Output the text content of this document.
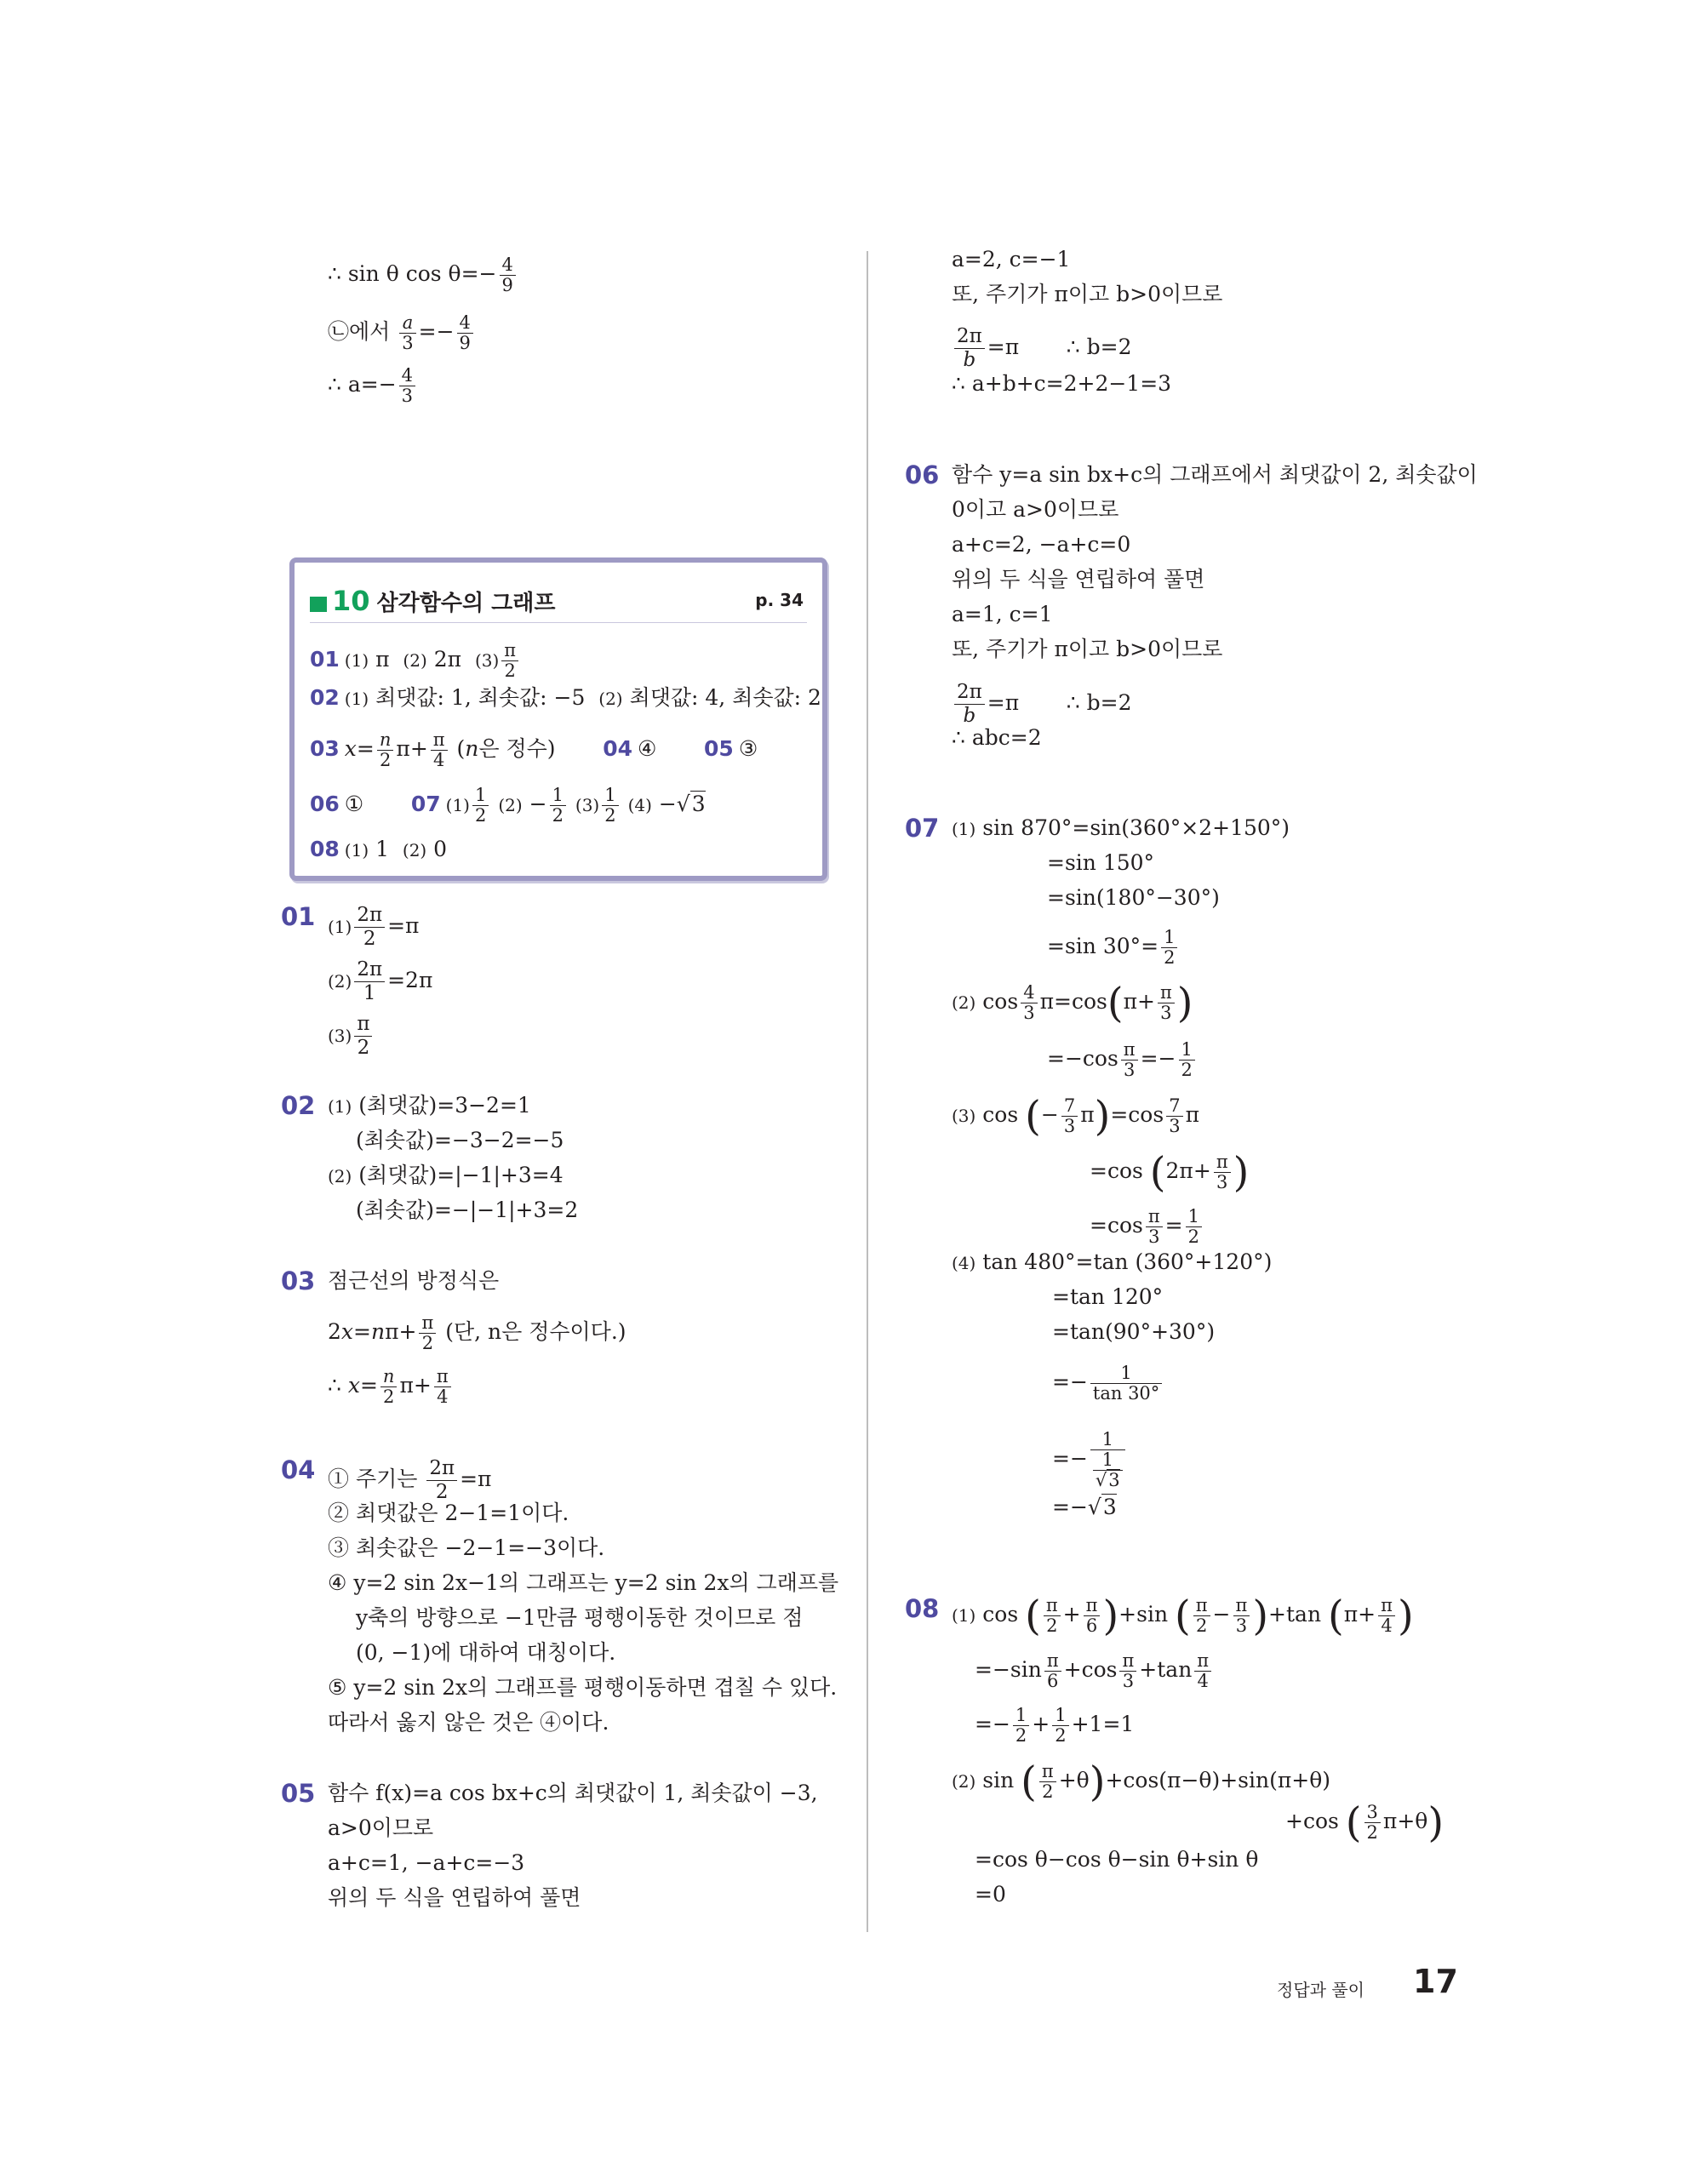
∴ sin θ $\cos \theta=- \frac{4}{9}$
㉡에서 $\frac{a}{3} =- \frac{4}{9}$
∴ $a=- \frac{4}{3}$
10 삼각함수의 그래프	p. 34
01 (1) π  (2) 2π  $(3) \frac{\pi}{2}$
02 (1) 최댓값: 1, 최솟값: −5  (2) 최댓값: 4, 최솟값: 2
03 $x= \frac{n}{2} \pi+ \frac{\pi}{4} (n$은 정수)       04 ④       05 ③
06 ①       07 $(1) \frac{1}{2} (2) - \frac{1}{2} (3) \frac{1}{2} (4) -√3$
08 (1) 1  (2) 0
01 $(1) \frac{2\pi}{2} =\pi$
$(2) \frac{2\pi}{1} =2\pi$
$(3) \frac{\pi}{2}$
02 (1) (최댓값)=3−2=1
(최솟값)=−3−2=−5
(2) (최댓값)=|−1|+3=4
(최솟값)=−|−1|+3=2
03 점근선의 방정식은
$2x=n\pi+ \frac{\pi}{2}$ (단, n은 정수이다.)
∴ $x= \frac{n}{2} \pi+ \frac{\pi}{4}$
04 ① 주기는 $\frac{2\pi}{2} =\pi$
② 최댓값은 2−1=1이다.
③ 최솟값은 −2−1=−3이다.
④ y=2 sin 2x−1의 그래프는 y=2 sin 2x의 그래프를
y축의 방향으로 −1만큼 평행이동한 것이므로 점
(0, −1)에 대하여 대칭이다.
⑤ y=2 sin 2x의 그래프를 평행이동하면 겹칠 수 있다.
따라서 옳지 않은 것은 ④이다.
05 함수 f(x)=a cos bx+c의 최댓값이 1, 최솟값이 −3,
a>0이므로
a+c=1, −a+c=−3
위의 두 식을 연립하여 풀면
a=2, c=−1
또, 주기가 π이고 b>0이므로
$\frac{2\pi}{b} =\pi$       ∴ b=2
∴ a+b+c=2+2−1=3
06 함수 y=a sin bx+c의 그래프에서 최댓값이 2, 최솟값이
0이고 a>0이므로
a+c=2, −a+c=0
위의 두 식을 연립하여 풀면
a=1, c=1
또, 주기가 π이고 b>0이므로
$\frac{2\pi}{b} =\pi$       ∴ b=2
∴ abc=2
07 (1) sin 870°=sin(360°×2+150°)
=sin 150°
=sin(180°−30°)
=sin $30^\circ= \frac{1}{2}$
(2) $\cos \frac{4}{3} \pi=\cos(\pi+ \frac{\pi}{3}$ )
$=-\cos \frac{\pi}{3} =- \frac{1}{2}$
(3) cos (− $\frac{7}{3} \pi)=\cos \frac{7}{3}$ π
=cos ($2\pi+ \frac{\pi}{3}$ )
$=\cos \frac{\pi}{3} = \frac{1}{2}$
(4) tan 480°=tan (360°+120°)
=tan 120°
=tan(90°+30°)
=− $\frac{1}{\tan 30^\circ}$
=− $\frac{1}{\frac{1}{√3}}$
=−√3
08 (1) cos ( $\frac{\pi}{2} + \frac{\pi}{6} )+\sin$ ( $\frac{\pi}{2} - \frac{\pi}{3} )+\tan$ ($\pi+ \frac{\pi}{4}$ )
$=-\sin \frac{\pi}{6} +\cos \frac{\pi}{3} +\tan \frac{\pi}{4}$
=− $\frac{1}{2} + \frac{1}{2} +1=1$
(2) sin ( $\frac{\pi}{2} +\theta)+\cos(\pi-\theta)+\sin(\pi+\theta)$
+cos ( $\frac{3}{2} \pi+\theta$)
=cos θ−cos θ−sin θ+sin θ
=0
정답과 풀이 17
